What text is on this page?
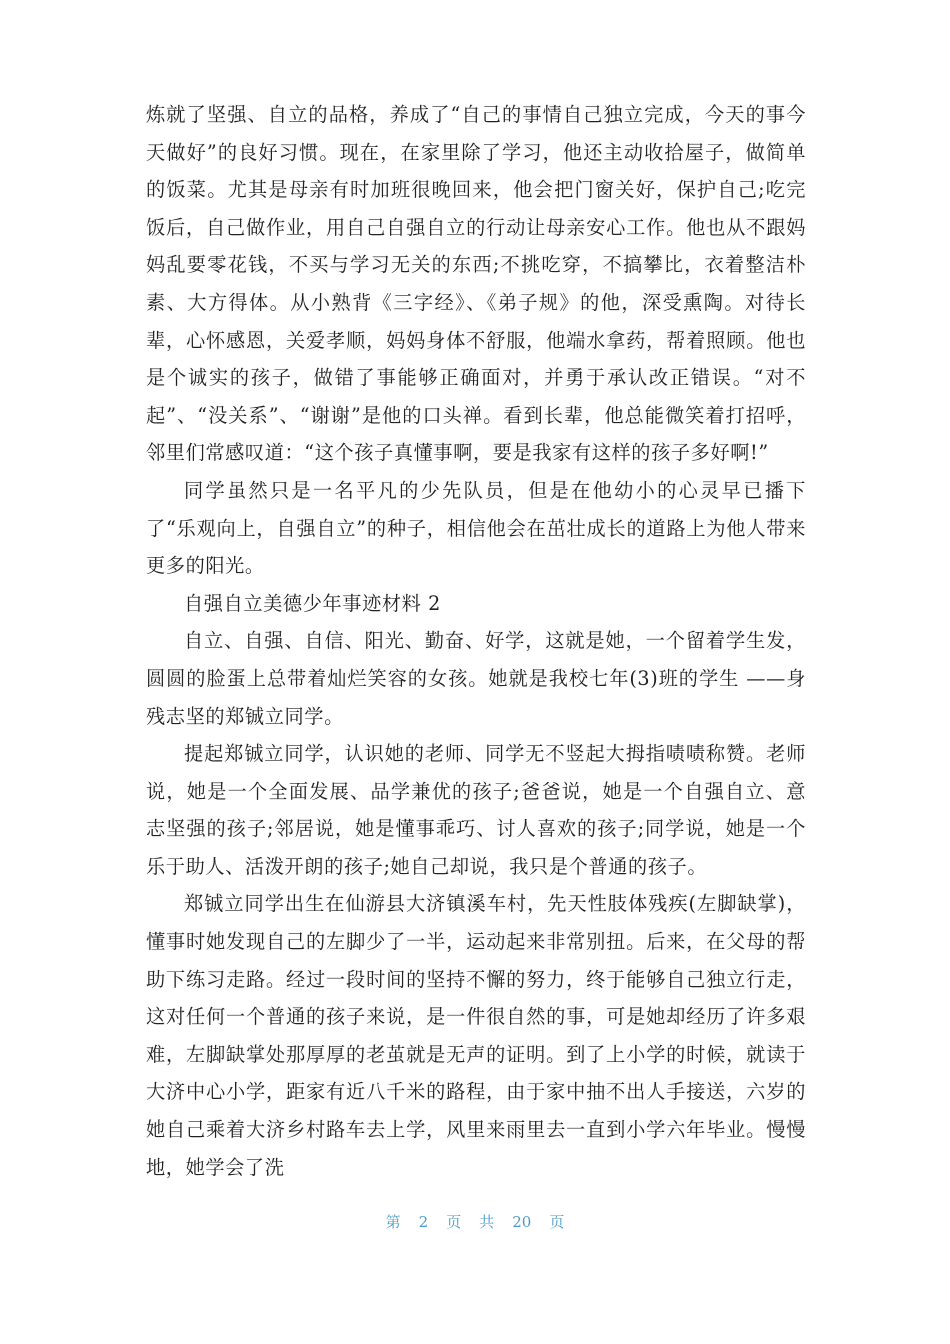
炼就了坚强、自立的品格，养成了“自己的事情自己独立完成，今天的事今天做好”的良好习惯。现在，在家里除了学习，他还主动收拾屋子，做简单的饭菜。尤其是母亲有时加班很晚回来，他会把门窗关好，保护自己;吃完饭后，自己做作业，用自己自强自立的行动让母亲安心工作。他也从不跟妈妈乱要零花钱，不买与学习无关的东西;不挑吃穿，不搞攀比，衣着整洁朴素、大方得体。从小熟背《三字经》、《弟子规》的他，深受熏陶。对待长辈，心怀感恩，关爱孝顺，妈妈身体不舒服，他端水拿药，帮着照顾。他也是个诚实的孩子，做错了事能够正确面对，并勇于承认改正错误。“对不起”、“没关系”、“谢谢”是他的口头禅。看到长辈，他总能微笑着打招呼，邻里们常感叹道：“这个孩子真懂事啊，要是我家有这样的孩子多好啊!”

同学虽然只是一名平凡的少先队员，但是在他幼小的心灵早已播下了“乐观向上，自强自立”的种子，相信他会在茁壮成长的道路上为他人带来更多的阳光。

自强自立美德少年事迹材料 2

自立、自强、自信、阳光、勤奋、好学，这就是她，一个留着学生发，圆圆的脸蛋上总带着灿烂笑容的女孩。她就是我校七年(3)班的学生 ——身残志坚的郑铖立同学。

提起郑铖立同学，认识她的老师、同学无不竖起大拇指啧啧称赞。老师说，她是一个全面发展、品学兼优的孩子;爸爸说，她是一个自强自立、意志坚强的孩子;邻居说，她是懂事乖巧、讨人喜欢的孩子;同学说，她是一个乐于助人、活泼开朗的孩子;她自己却说，我只是个普通的孩子。

郑铖立同学出生在仙游县大济镇溪车村，先天性肢体残疾(左脚缺掌)，懂事时她发现自己的左脚少了一半，运动起来非常别扭。后来，在父母的帮助下练习走路。经过一段时间的坚持不懈的努力，终于能够自己独立行走，这对任何一个普通的孩子来说，是一件很自然的事，可是她却经历了许多艰难，左脚缺掌处那厚厚的老茧就是无声的证明。到了上小学的时候，就读于大济中心小学，距家有近八千米的路程，由于家中抽不出人手接送，六岁的她自己乘着大济乡村路车去上学，风里来雨里去一直到小学六年毕业。慢慢地，她学会了洗

第 2 页 共 20 页
